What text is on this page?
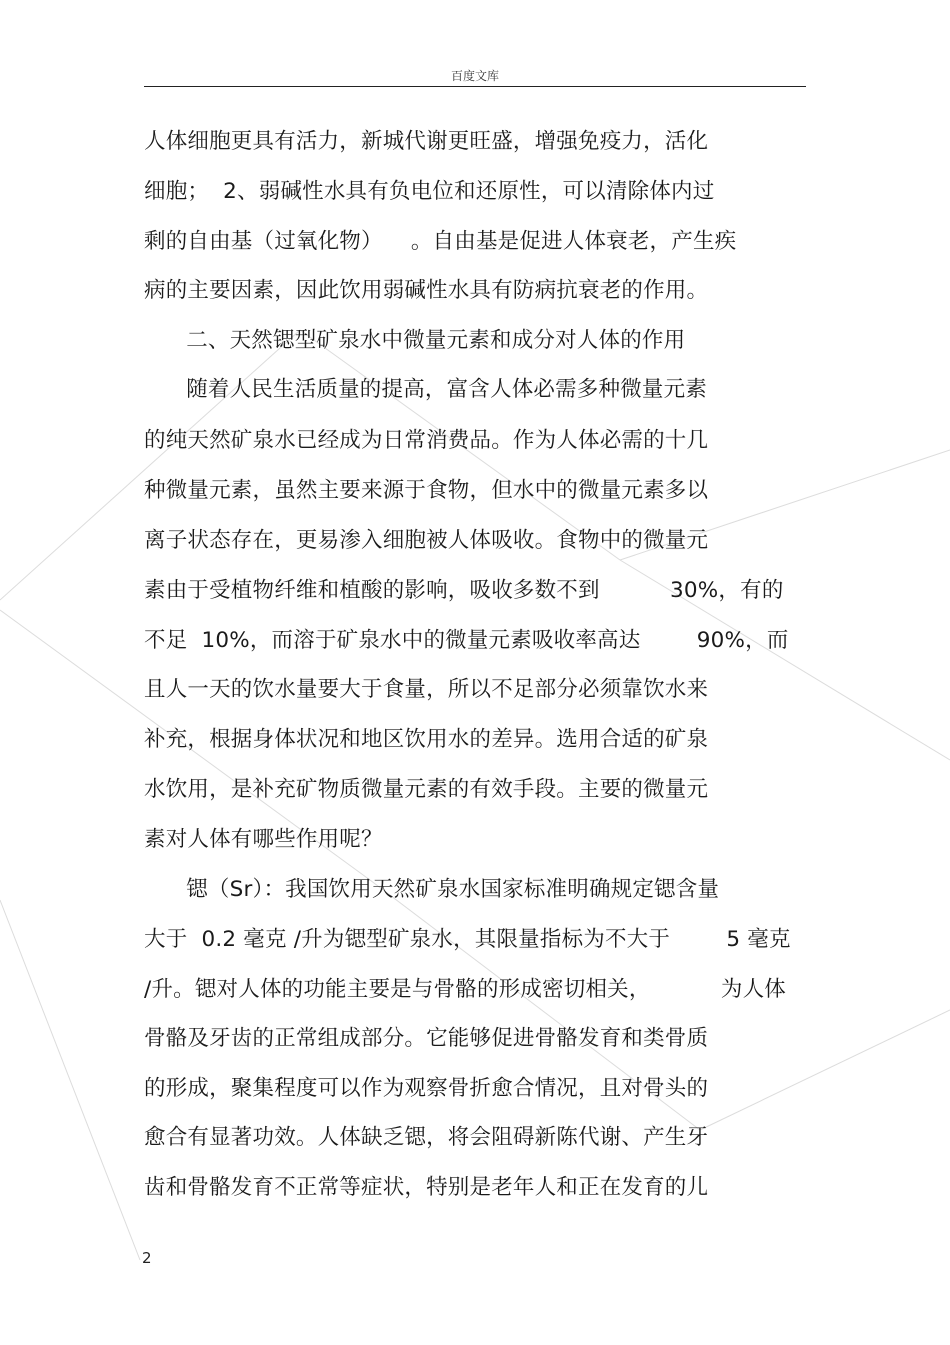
百度文库
人体细胞更具有活力，新城代谢更旺盛，增强免疫力，活化
细胞；  2、弱碱性水具有负电位和还原性，可以清除体内过
剩的自由基（过氧化物）    。自由基是促进人体衰老，产生疾
病的主要因素，因此饮用弱碱性水具有防病抗衰老的作用。
二、天然锶型矿泉水中微量元素和成分对人体的作用
随着人民生活质量的提高，富含人体必需多种微量元素
的纯天然矿泉水已经成为日常消费品。作为人体必需的十几
种微量元素，虽然主要来源于食物，但水中的微量元素多以
离子状态存在，更易渗入细胞被人体吸收。食物中的微量元
素由于受植物纤维和植酸的影响，吸收多数不到          30%，有的
不足  10%，而溶于矿泉水中的微量元素吸收率高达        90%，而
且人一天的饮水量要大于食量，所以不足部分必须靠饮水来
补充，根据身体状况和地区饮用水的差异。选用合适的矿泉
水饮用，是补充矿物质微量元素的有效手段。主要的微量元
素对人体有哪些作用呢？
锶（Sr）：我国饮用天然矿泉水国家标准明确规定锶含量
大于  0.2 毫克 /升为锶型矿泉水，其限量指标为不大于        5 毫克
/升。锶对人体的功能主要是与骨骼的形成密切相关，          为人体
骨骼及牙齿的正常组成部分。它能够促进骨骼发育和类骨质
的形成，聚集程度可以作为观察骨折愈合情况，且对骨头的
愈合有显著功效。人体缺乏锶，将会阻碍新陈代谢、产生牙
齿和骨骼发育不正常等症状，特别是老年人和正在发育的儿
2
